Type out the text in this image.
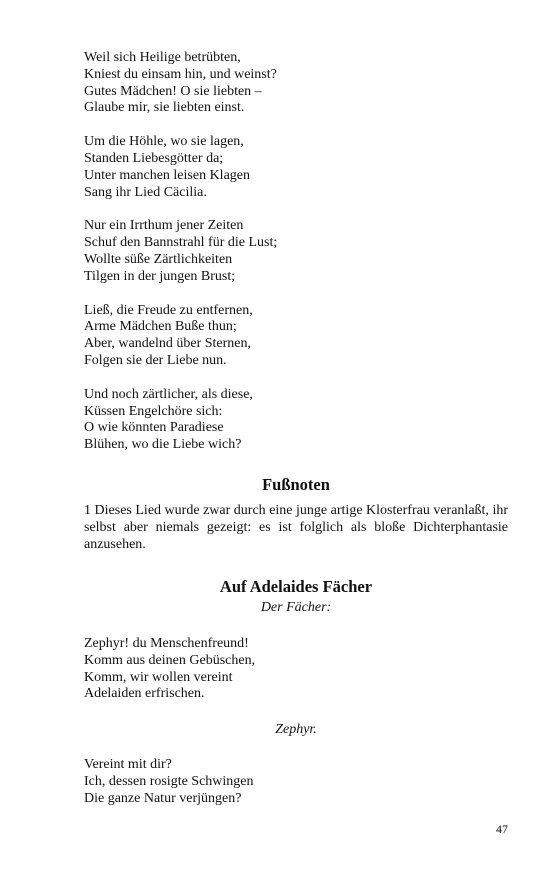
Weil sich Heilige betrübten,
Kniest du einsam hin, und weinst?
Gutes Mädchen! O sie liebten –
Glaube mir, sie liebten einst.
Um die Höhle, wo sie lagen,
Standen Liebesgötter da;
Unter manchen leisen Klagen
Sang ihr Lied Cäcilia.
Nur ein Irrthum jener Zeiten
Schuf den Bannstrahl für die Lust;
Wollte süße Zärtlichkeiten
Tilgen in der jungen Brust;
Ließ, die Freude zu entfernen,
Arme Mädchen Buße thun;
Aber, wandelnd über Sternen,
Folgen sie der Liebe nun.
Und noch zärtlicher, als diese,
Küssen Engelchöre sich:
O wie könnten Paradiese
Blühen, wo die Liebe wich?
Fußnoten

1 Dieses Lied wurde zwar durch eine junge artige Klosterfrau veranlaßt, ihr selbst aber niemals gezeigt: es ist folglich als bloße Dichterphantasie anzusehen.

Auf Adelaides Fächer
Der Fächer:
Zephyr! du Menschenfreund!
Komm aus deinen Gebüschen,
Komm, wir wollen vereint
Adelaiden erfrischen.
Zephyr.
Vereint mit dir?
Ich, dessen rosigte Schwingen
Die ganze Natur verjüngen?
47
